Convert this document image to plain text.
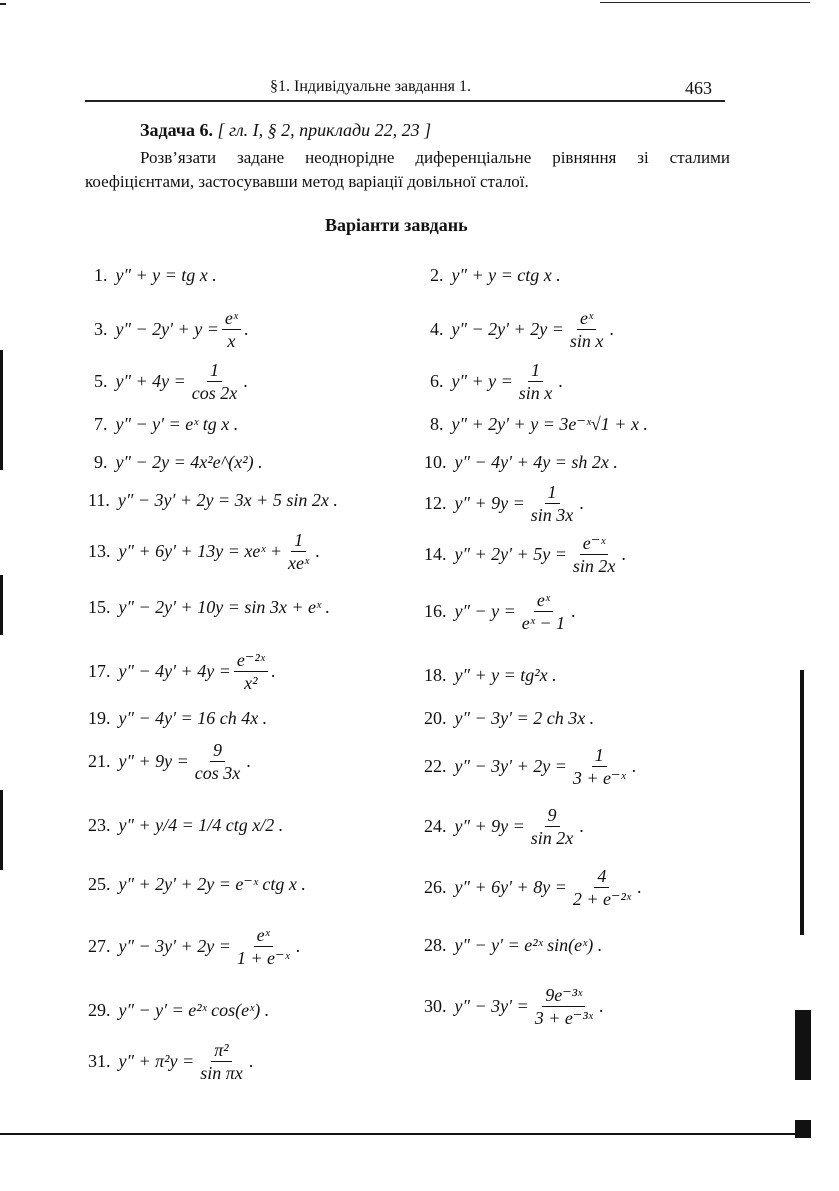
§1. Індивідуальне завдання 1.	463
Задача 6. [ гл. І, § 2, приклади 22, 23 ]
Розв’язати задане неоднорідне диференціальне рівняння зі сталими коефіцієнтами, застосувавши метод варіації довільної сталої.
Варіанти завдань
1. y″ + y = tg x .
3. $y'' - 2y' + y = \frac{\text{eˣ}}{x}$ .
5. $y'' + 4y = \frac{1}{\cos 2x}$ .
7. y″ − y′ = eˣ tg x .
9. y″ − 2y = 4x²e^(x²) .
11. y″ − 3y′ + 2y = 3x + 5 sin 2x .
13. y″ + 6y′ + 13y = xeˣ + $\frac{1}{\text{xeˣ}}$ .
15. y″ − 2y′ + 10y = sin 3x + eˣ .
17. $y'' - 4y' + 4y = \frac{\text{e⁻²ˣ}}{\text{x²}}$ .
19. y″ − 4y′ = 16 ch 4x .
21. $y'' + 9y = \frac{9}{\cos 3x}$ .
23. y″ + y/4 = 1/4 ctg x/2 .
25. y″ + 2y′ + 2y = e⁻ˣ ctg x .
27. $y'' - 3y' + 2y = \frac{\text{eˣ}}{\text{1 + e⁻ˣ}}$ .
29. y″ − y′ = e²ˣ cos(eˣ) .
31. $y'' + \pi^2y = \frac{\text{π²}}{\text{sin πx}}$ .
2. y″ + y = ctg x .
4. $y'' - 2y' + 2y = \frac{\text{eˣ}}{\text{sin x}}$ .
6. $y'' + y = \frac{1}{\text{sin x}}$ .
8. y″ + 2y′ + y = 3e⁻ˣ√1 + x .
10. y″ − 4y′ + 4y = sh 2x .
12. $y'' + 9y = \frac{1}{\sin 3x}$ .
14. $y'' + 2y' + 5y = \frac{\text{e⁻ˣ}}{\sin 2x}$ .
16. $y'' - y = \frac{\text{eˣ}}{\text{eˣ − 1}}$ .
18. y″ + y = tg²x .
20. y″ − 3y′ = 2 ch 3x .
22. $y'' - 3y' + 2y = \frac{1}{\text{3 + e⁻ˣ}}$ .
24. $y'' + 9y = \frac{9}{\sin 2x}$ .
26. $y'' + 6y' + 8y = \frac{4}{\text{2 + e⁻²ˣ}}$ .
28. y″ − y′ = e²ˣ sin(eˣ) .
30. $y'' - 3y' = \frac{\text{9e⁻³ˣ}}{\text{3 + e⁻³ˣ}}$ .
